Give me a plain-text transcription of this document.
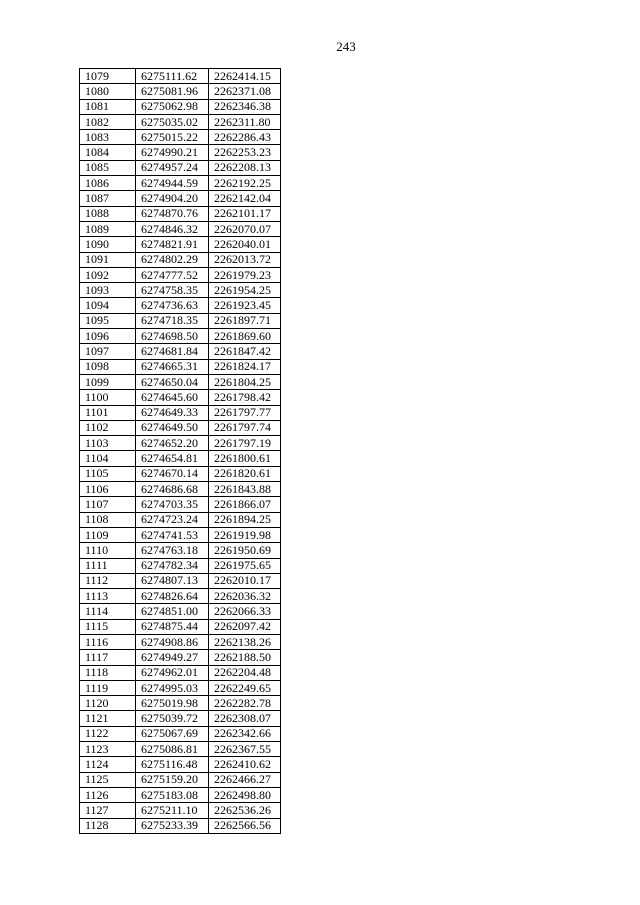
243
1079	6275111.62	2262414.15
1080	6275081.96	2262371.08
1081	6275062.98	2262346.38
1082	6275035.02	2262311.80
1083	6275015.22	2262286.43
1084	6274990.21	2262253.23
1085	6274957.24	2262208.13
1086	6274944.59	2262192.25
1087	6274904.20	2262142.04
1088	6274870.76	2262101.17
1089	6274846.32	2262070.07
1090	6274821.91	2262040.01
1091	6274802.29	2262013.72
1092	6274777.52	2261979.23
1093	6274758.35	2261954.25
1094	6274736.63	2261923.45
1095	6274718.35	2261897.71
1096	6274698.50	2261869.60
1097	6274681.84	2261847.42
1098	6274665.31	2261824.17
1099	6274650.04	2261804.25
1100	6274645.60	2261798.42
1101	6274649.33	2261797.77
1102	6274649.50	2261797.74
1103	6274652.20	2261797.19
1104	6274654.81	2261800.61
1105	6274670.14	2261820.61
1106	6274686.68	2261843.88
1107	6274703.35	2261866.07
1108	6274723.24	2261894.25
1109	6274741.53	2261919.98
1110	6274763.18	2261950.69
1111	6274782.34	2261975.65
1112	6274807.13	2262010.17
1113	6274826.64	2262036.32
1114	6274851.00	2262066.33
1115	6274875.44	2262097.42
1116	6274908.86	2262138.26
1117	6274949.27	2262188.50
1118	6274962.01	2262204.48
1119	6274995.03	2262249.65
1120	6275019.98	2262282.78
1121	6275039.72	2262308.07
1122	6275067.69	2262342.66
1123	6275086.81	2262367.55
1124	6275116.48	2262410.62
1125	6275159.20	2262466.27
1126	6275183.08	2262498.80
1127	6275211.10	2262536.26
1128	6275233.39	2262566.56
